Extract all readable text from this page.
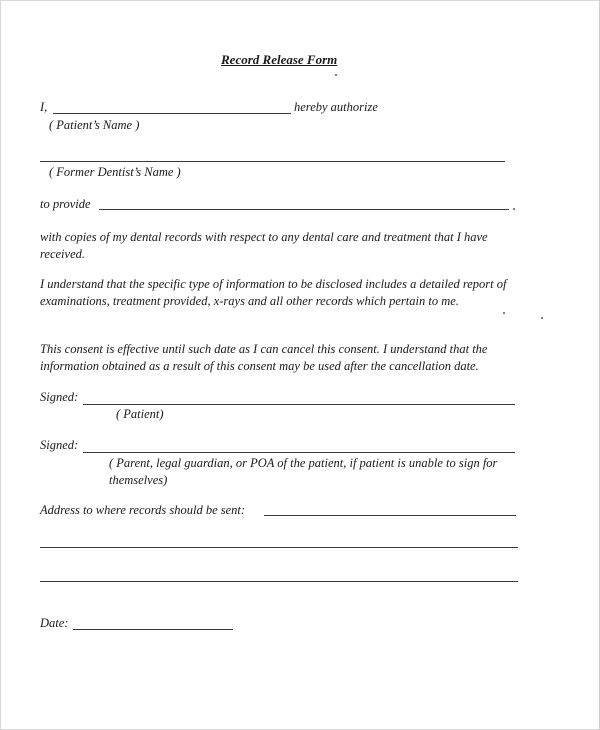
Record Release Form
I,	hereby authorize
( Patient’s Name )
( Former Dentist’s Name )
to provide
with copies of my dental records with respect to any dental care and treatment that I have received.
I understand that the specific type of information to be disclosed includes a detailed report of examinations, treatment provided, x-rays and all other records which pertain to me.
This consent is effective until such date as I can cancel this consent. I understand that the information obtained as a result of this consent may be used after the cancellation date.
Signed:
( Patient)
Signed:
( Parent, legal guardian, or POA of the patient, if patient is unable to sign for themselves)
Address to where records should be sent:
Date:
